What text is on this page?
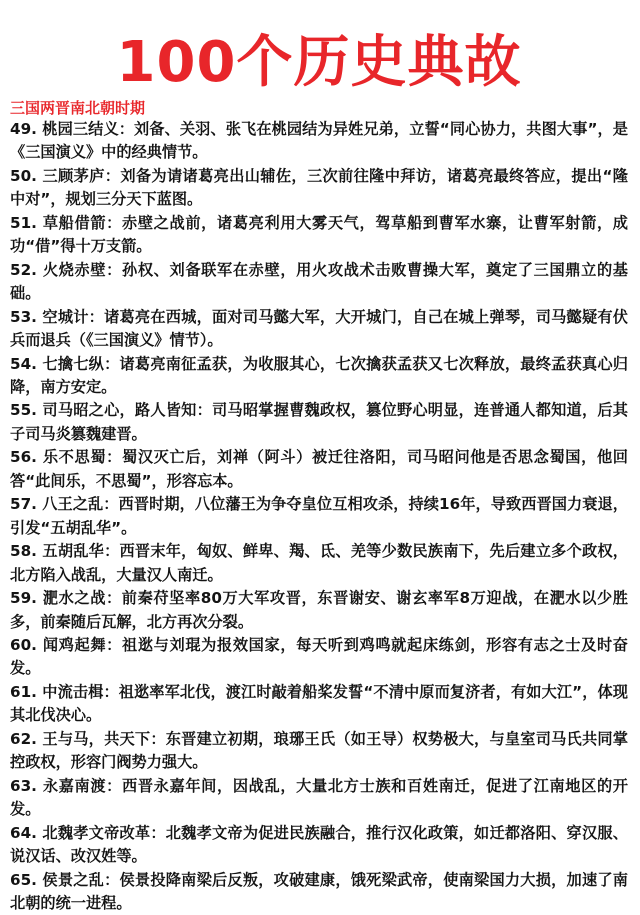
100个历史典故
三国两晋南北朝时期
49. 桃园三结义：刘备、关羽、张飞在桃园结为异姓兄弟，立誓“同心协力，共图大事”，是《三国演义》中的经典情节。
50. 三顾茅庐：刘备为请诸葛亮出山辅佐，三次前往隆中拜访，诸葛亮最终答应，提出“隆中对”，规划三分天下蓝图。
51. 草船借箭：赤壁之战前，诸葛亮利用大雾天气，驾草船到曹军水寨，让曹军射箭，成功“借”得十万支箭。
52. 火烧赤壁：孙权、刘备联军在赤壁，用火攻战术击败曹操大军，奠定了三国鼎立的基础。
53. 空城计：诸葛亮在西城，面对司马懿大军，大开城门，自己在城上弹琴，司马懿疑有伏兵而退兵（《三国演义》情节）。
54. 七擒七纵：诸葛亮南征孟获，为收服其心，七次擒获孟获又七次释放，最终孟获真心归降，南方安定。
55. 司马昭之心，路人皆知：司马昭掌握曹魏政权，篡位野心明显，连普通人都知道，后其子司马炎篡魏建晋。
56. 乐不思蜀：蜀汉灭亡后，刘禅（阿斗）被迁往洛阳，司马昭问他是否思念蜀国，他回答“此间乐，不思蜀”，形容忘本。
57. 八王之乱：西晋时期，八位藩王为争夺皇位互相攻杀，持续16年，导致西晋国力衰退，引发“五胡乱华”。
58. 五胡乱华：西晋末年，匈奴、鲜卑、羯、氐、羌等少数民族南下，先后建立多个政权，北方陷入战乱，大量汉人南迁。
59. 淝水之战：前秦苻坚率80万大军攻晋，东晋谢安、谢玄率军8万迎战，在淝水以少胜多，前秦随后瓦解，北方再次分裂。
60. 闻鸡起舞：祖逖与刘琨为报效国家，每天听到鸡鸣就起床练剑，形容有志之士及时奋发。
61. 中流击楫：祖逖率军北伐，渡江时敲着船桨发誓“不清中原而复济者，有如大江”，体现其北伐决心。
62. 王与马，共天下：东晋建立初期，琅琊王氏（如王导）权势极大，与皇室司马氏共同掌控政权，形容门阀势力强大。
63. 永嘉南渡：西晋永嘉年间，因战乱，大量北方士族和百姓南迁，促进了江南地区的开发。
64. 北魏孝文帝改革：北魏孝文帝为促进民族融合，推行汉化政策，如迁都洛阳、穿汉服、说汉话、改汉姓等。
65. 侯景之乱：侯景投降南梁后反叛，攻破建康，饿死梁武帝，使南梁国力大损，加速了南北朝的统一进程。
